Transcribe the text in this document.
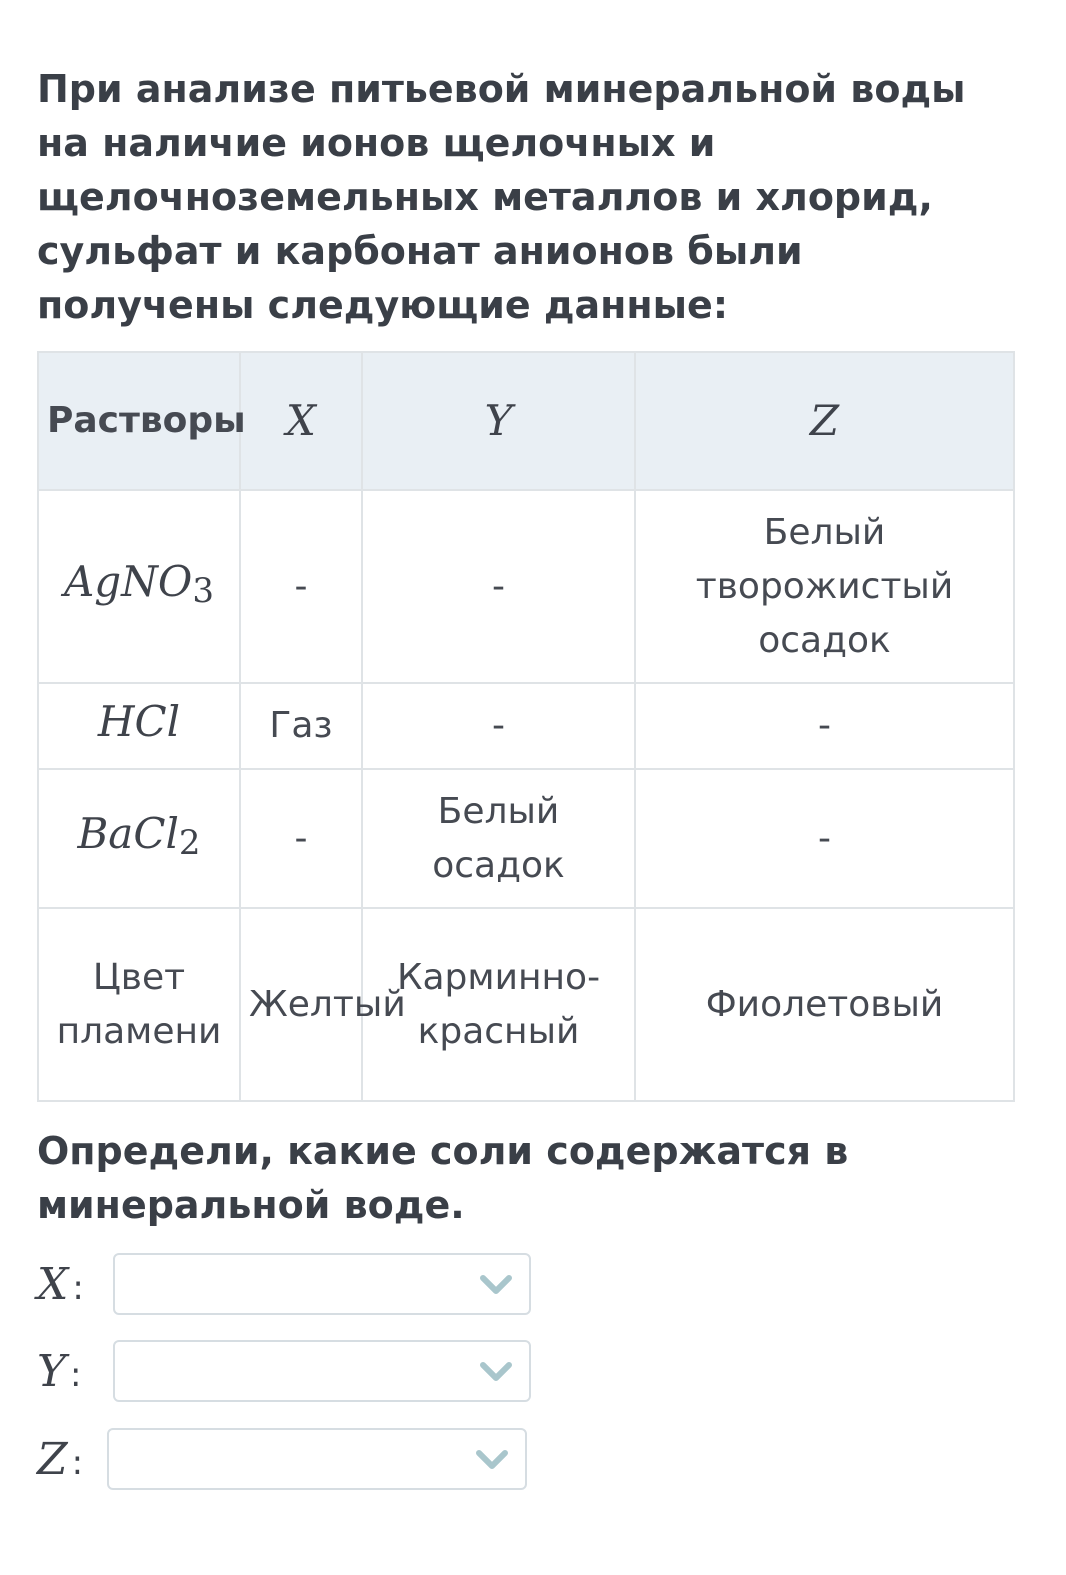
При анализе питьевой минеральной воды на наличие ионов щелочных и щелочноземельных металлов и хлорид, сульфат и карбонат анионов были получены следующие данные:

Растворы	X	Y	Z
AgNO$_3$	-	-	Белый творожистый осадок
HCl	Газ	-	-
BaCl$_2$	-	Белый осадок	-
Цвет пламени	Желтый	Карминно-красный	Фиолетовый

Определи, какие соли содержатся в минеральной воде.

X :
Y :
Z :
